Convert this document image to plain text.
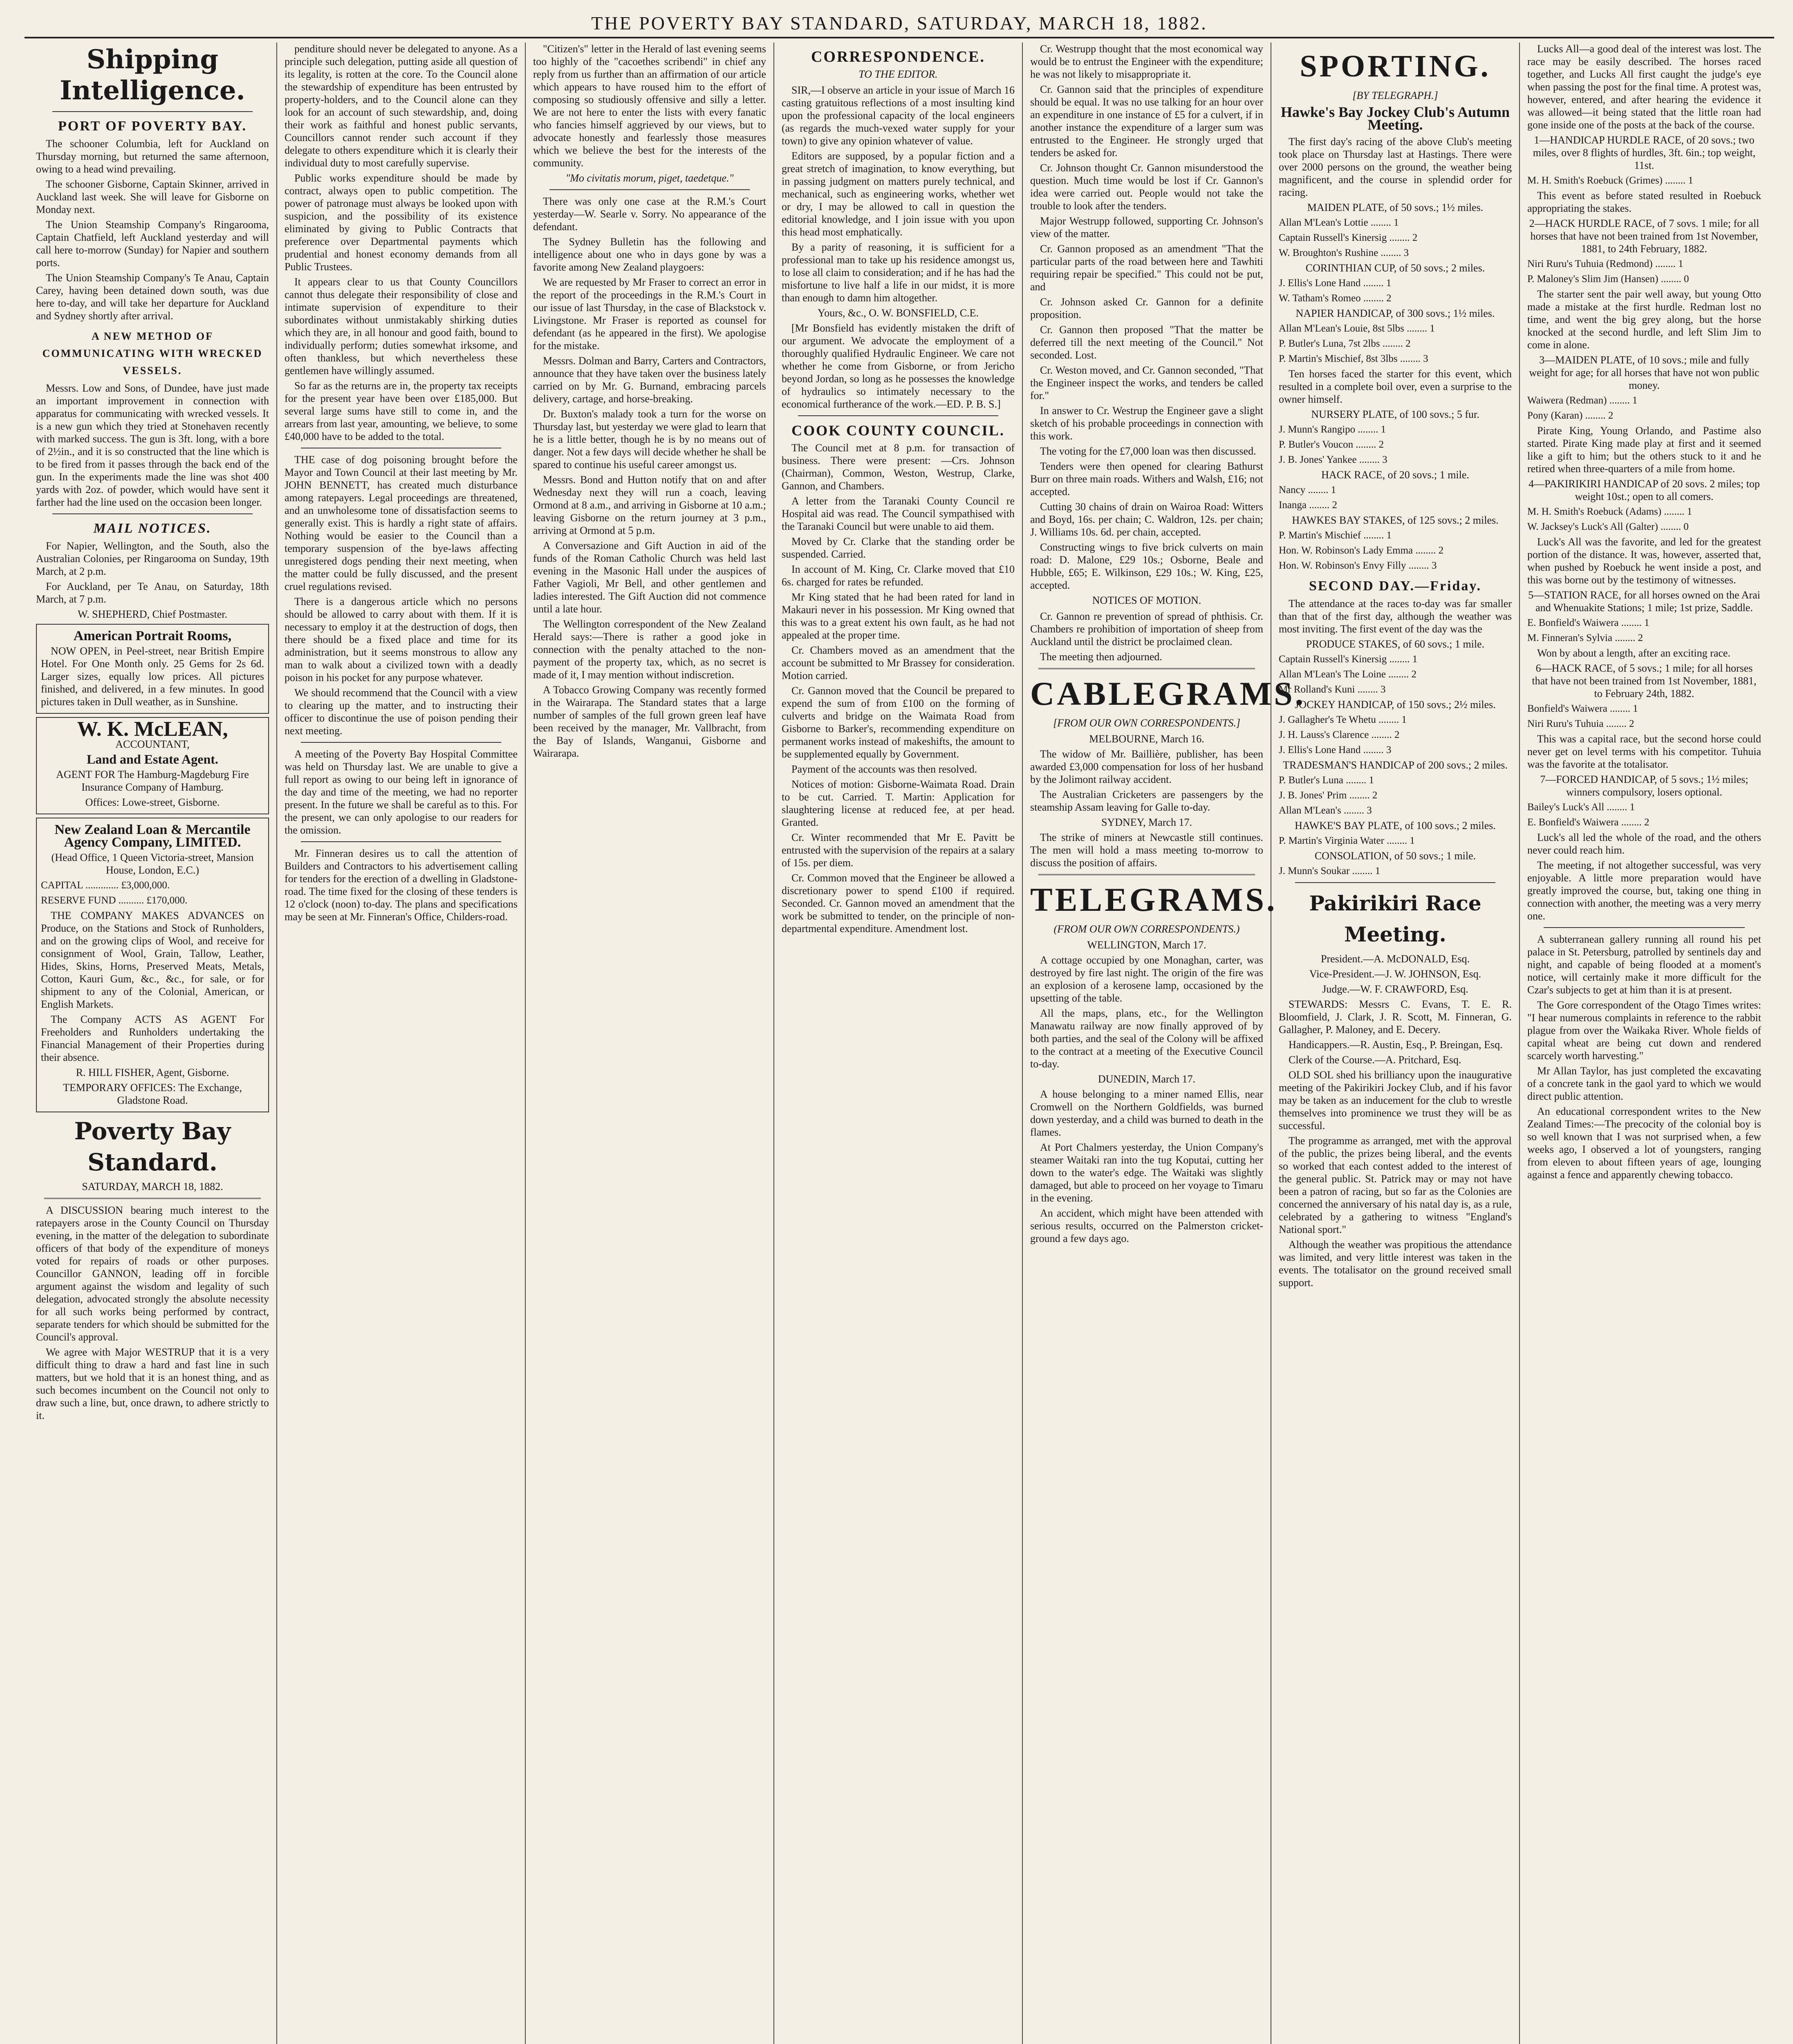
THE POVERTY BAY STANDARD, SATURDAY, MARCH 18, 1882.
Shipping Intelligence.
PORT OF POVERTY BAY.

The schooner Columbia, left for Auckland on Thursday morning, but returned the same afternoon, owing to a head wind prevailing.

The schooner Gisborne, Captain Skinner, arrived in Auckland last week. She will leave for Gisborne on Monday next.

The Union Steamship Company's Ringarooma, Captain Chatfield, left Auckland yesterday and will call here to-morrow (Sunday) for Napier and southern ports.

The Union Steamship Company's Te Anau, Captain Carey, having been detained down south, was due here to-day, and will take her departure for Auckland and Sydney shortly after arrival.

A NEW METHOD OF COMMUNICATING WITH WRECKED VESSELS.

Messrs. Low and Sons, of Dundee, have just made an important improvement in connection with apparatus for communicating with wrecked vessels. It is a new gun which they tried at Stonehaven recently with marked success. The gun is 3ft. long, with a bore of 2½in., and it is so constructed that the line which is to be fired from it passes through the back end of the gun. In the experiments made the line was shot 400 yards with 2oz. of powder, which would have sent it farther had the line used on the occasion been longer.

MAIL NOTICES.

For Napier, Wellington, and the South, also the Australian Colonies, per Ringarooma on Sunday, 19th March, at 2 p.m.

For Auckland, per Te Anau, on Saturday, 18th March, at 7 p.m.

W. SHEPHERD, Chief Postmaster.

American Portrait Rooms,

NOW OPEN, in Peel-street, near British Empire Hotel. For One Month only. 25 Gems for 2s 6d. Larger sizes, equally low prices. All pictures finished, and delivered, in a few minutes. In good pictures taken in Dull weather, as in Sunshine.

W. K. McLEAN,

ACCOUNTANT,

Land and Estate Agent.

AGENT FOR The Hamburg-Magdeburg Fire Insurance Company of Hamburg.

Offices: Lowe-street, Gisborne.

New Zealand Loan & Mercantile Agency Company, LIMITED.

(Head Office, 1 Queen Victoria-street, Mansion House, London, E.C.)

CAPITAL ............. £3,000,000.

RESERVE FUND .......... £170,000.

THE COMPANY MAKES ADVANCES on Produce, on the Stations and Stock of Runholders, and on the growing clips of Wool, and receive for consignment of Wool, Grain, Tallow, Leather, Hides, Skins, Horns, Preserved Meats, Metals, Cotton, Kauri Gum, &c., &c., for sale, or for shipment to any of the Colonial, American, or English Markets.

The Company ACTS AS AGENT For Freeholders and Runholders undertaking the Financial Management of their Properties during their absence.

R. HILL FISHER, Agent, Gisborne.

TEMPORARY OFFICES: The Exchange, Gladstone Road.

Poverty Bay Standard.
SATURDAY, MARCH 18, 1882.

A DISCUSSION bearing much interest to the ratepayers arose in the County Council on Thursday evening, in the matter of the delegation to subordinate officers of that body of the expenditure of moneys voted for repairs of roads or other purposes. Councillor GANNON, leading off in forcible argument against the wisdom and legality of such delegation, advocated strongly the absolute necessity for all such works being performed by contract, separate tenders for which should be submitted for the Council's approval.

We agree with Major WESTRUP that it is a very difficult thing to draw a hard and fast line in such matters, but we hold that it is an honest thing, and as such becomes incumbent on the Council not only to draw such a line, but, once drawn, to adhere strictly to it.

penditure should never be delegated to anyone. As a principle such delegation, putting aside all question of its legality, is rotten at the core. To the Council alone the stewardship of expenditure has been entrusted by property-holders, and to the Council alone can they look for an account of such stewardship, and, doing their work as faithful and honest public servants, Councillors cannot render such account if they delegate to others expenditure which it is clearly their individual duty to most carefully supervise.

Public works expenditure should be made by contract, always open to public competition. The power of patronage must always be looked upon with suspicion, and the possibility of its existence eliminated by giving to Public Contracts that preference over Departmental payments which prudential and honest economy demands from all Public Trustees.

It appears clear to us that County Councillors cannot thus delegate their responsibility of close and intimate supervision of expenditure to their subordinates without unmistakably shirking duties which they are, in all honour and good faith, bound to individually perform; duties somewhat irksome, and often thankless, but which nevertheless these gentlemen have willingly assumed.

So far as the returns are in, the property tax receipts for the present year have been over £185,000. But several large sums have still to come in, and the arrears from last year, amounting, we believe, to some £40,000 have to be added to the total.

THE case of dog poisoning brought before the Mayor and Town Council at their last meeting by Mr. JOHN BENNETT, has created much disturbance among ratepayers. Legal proceedings are threatened, and an unwholesome tone of dissatisfaction seems to generally exist. This is hardly a right state of affairs. Nothing would be easier to the Council than a temporary suspension of the bye-laws affecting unregistered dogs pending their next meeting, when the matter could be fully discussed, and the present cruel regulations revised.

There is a dangerous article which no persons should be allowed to carry about with them. If it is necessary to employ it at the destruction of dogs, then there should be a fixed place and time for its administration, but it seems monstrous to allow any man to walk about a civilized town with a deadly poison in his pocket for any purpose whatever.

We should recommend that the Council with a view to clearing up the matter, and to instructing their officer to discontinue the use of poison pending their next meeting.

A meeting of the Poverty Bay Hospital Committee was held on Thursday last. We are unable to give a full report as owing to our being left in ignorance of the day and time of the meeting, we had no reporter present. In the future we shall be careful as to this. For the present, we can only apologise to our readers for the omission.

Mr. Finneran desires us to call the attention of Builders and Contractors to his advertisement calling for tenders for the erection of a dwelling in Gladstone-road. The time fixed for the closing of these tenders is 12 o'clock (noon) to-day. The plans and specifications may be seen at Mr. Finneran's Office, Childers-road.

"Citizen's" letter in the Herald of last evening seems too highly of the "cacoethes scribendi" in chief any reply from us further than an affirmation of our article which appears to have roused him to the effort of composing so studiously offensive and silly a letter. We are not here to enter the lists with every fanatic who fancies himself aggrieved by our views, but to advocate honestly and fearlessly those measures which we believe the best for the interests of the community.

"Mo civitatis morum, piget, taedetque."

There was only one case at the R.M.'s Court yesterday—W. Searle v. Sorry. No appearance of the defendant.

The Sydney Bulletin has the following and intelligence about one who in days gone by was a favorite among New Zealand playgoers:

We are requested by Mr Fraser to correct an error in the report of the proceedings in the R.M.'s Court in our issue of last Thursday, in the case of Blackstock v. Livingstone. Mr Fraser is reported as counsel for defendant (as he appeared in the first). We apologise for the mistake.

Messrs. Dolman and Barry, Carters and Contractors, announce that they have taken over the business lately carried on by Mr. G. Burnand, embracing parcels delivery, cartage, and horse-breaking.

Dr. Buxton's malady took a turn for the worse on Thursday last, but yesterday we were glad to learn that he is a little better, though he is by no means out of danger. Not a few days will decide whether he shall be spared to continue his useful career amongst us.

Messrs. Bond and Hutton notify that on and after Wednesday next they will run a coach, leaving Ormond at 8 a.m., and arriving in Gisborne at 10 a.m.; leaving Gisborne on the return journey at 3 p.m., arriving at Ormond at 5 p.m.

A Conversazione and Gift Auction in aid of the funds of the Roman Catholic Church was held last evening in the Masonic Hall under the auspices of Father Vagioli, Mr Bell, and other gentlemen and ladies interested. The Gift Auction did not commence until a late hour.

The Wellington correspondent of the New Zealand Herald says:—There is rather a good joke in connection with the penalty attached to the non-payment of the property tax, which, as no secret is made of it, I may mention without indiscretion.

A Tobacco Growing Company was recently formed in the Wairarapa. The Standard states that a large number of samples of the full grown green leaf have been received by the manager, Mr. Vallbracht, from the Bay of Islands, Wanganui, Gisborne and Wairarapa.

CORRESPONDENCE.
TO THE EDITOR.

SIR,—I observe an article in your issue of March 16 casting gratuitous reflections of a most insulting kind upon the professional capacity of the local engineers (as regards the much-vexed water supply for your town) to give any opinion whatever of value.

Editors are supposed, by a popular fiction and a great stretch of imagination, to know everything, but in passing judgment on matters purely technical, and mechanical, such as engineering works, whether wet or dry, I may be allowed to call in question the editorial knowledge, and I join issue with you upon this head most emphatically.

By a parity of reasoning, it is sufficient for a professional man to take up his residence amongst us, to lose all claim to consideration; and if he has had the misfortune to live half a life in our midst, it is more than enough to damn him altogether.

Yours, &c., O. W. BONSFIELD, C.E.

[Mr Bonsfield has evidently mistaken the drift of our argument. We advocate the employment of a thoroughly qualified Hydraulic Engineer. We care not whether he come from Gisborne, or from Jericho beyond Jordan, so long as he possesses the knowledge of hydraulics so intimately necessary to the economical furtherance of the work.—ED. P. B. S.]

COOK COUNTY COUNCIL.

The Council met at 8 p.m. for transaction of business. There were present: —Crs. Johnson (Chairman), Common, Weston, Westrup, Clarke, Gannon, and Chambers.

A letter from the Taranaki County Council re Hospital aid was read. The Council sympathised with the Taranaki Council but were unable to aid them.

Moved by Cr. Clarke that the standing order be suspended. Carried.

In account of M. King, Cr. Clarke moved that £10 6s. charged for rates be refunded.

Mr King stated that he had been rated for land in Makauri never in his possession. Mr King owned that this was to a great extent his own fault, as he had not appealed at the proper time.

Cr. Chambers moved as an amendment that the account be submitted to Mr Brassey for consideration. Motion carried.

Cr. Gannon moved that the Council be prepared to expend the sum of from £100 on the forming of culverts and bridge on the Waimata Road from Gisborne to Barker's, recommending expenditure on permanent works instead of makeshifts, the amount to be supplemented equally by Government.

Payment of the accounts was then resolved.

Notices of motion: Gisborne-Waimata Road. Drain to be cut. Carried. T. Martin: Application for slaughtering license at reduced fee, at per head. Granted.

Cr. Winter recommended that Mr E. Pavitt be entrusted with the supervision of the repairs at a salary of 15s. per diem.

Cr. Common moved that the Engineer be allowed a discretionary power to spend £100 if required. Seconded. Cr. Gannon moved an amendment that the work be submitted to tender, on the principle of non-departmental expenditure. Amendment lost.

Cr. Westrupp thought that the most economical way would be to entrust the Engineer with the expenditure; he was not likely to misappropriate it.

Cr. Gannon said that the principles of expenditure should be equal. It was no use talking for an hour over an expenditure in one instance of £5 for a culvert, if in another instance the expenditure of a larger sum was entrusted to the Engineer. He strongly urged that tenders be asked for.

Cr. Johnson thought Cr. Gannon misunderstood the question. Much time would be lost if Cr. Gannon's idea were carried out. People would not take the trouble to look after the tenders.

Major Westrupp followed, supporting Cr. Johnson's view of the matter.

Cr. Gannon proposed as an amendment "That the particular parts of the road between here and Tawhiti requiring repair be specified." This could not be put, and

Cr. Johnson asked Cr. Gannon for a definite proposition.

Cr. Gannon then proposed "That the matter be deferred till the next meeting of the Council." Not seconded. Lost.

Cr. Weston moved, and Cr. Gannon seconded, "That the Engineer inspect the works, and tenders be called for."

In answer to Cr. Westrup the Engineer gave a slight sketch of his probable proceedings in connection with this work.

The voting for the £7,000 loan was then discussed.

Tenders were then opened for clearing Bathurst Burr on three main roads. Withers and Walsh, £16; not accepted.

Cutting 30 chains of drain on Wairoa Road: Witters and Boyd, 16s. per chain; C. Waldron, 12s. per chain; J. Williams 10s. 6d. per chain, accepted.

Constructing wings to five brick culverts on main road: D. Malone, £29 10s.; Osborne, Beale and Hubble, £65; E. Wilkinson, £29 10s.; W. King, £25, accepted.

NOTICES OF MOTION.

Cr. Gannon re prevention of spread of phthisis. Cr. Chambers re prohibition of importation of sheep from Auckland until the district be proclaimed clean.

The meeting then adjourned.

CABLEGRAMS.
[FROM OUR OWN CORRESPONDENTS.]

MELBOURNE, March 16.

The widow of Mr. Baillière, publisher, has been awarded £3,000 compensation for loss of her husband by the Jolimont railway accident.

The Australian Cricketers are passengers by the steamship Assam leaving for Galle to-day.

SYDNEY, March 17.

The strike of miners at Newcastle still continues. The men will hold a mass meeting to-morrow to discuss the position of affairs.

TELEGRAMS.
(FROM OUR OWN CORRESPONDENTS.)

WELLINGTON, March 17.

A cottage occupied by one Monaghan, carter, was destroyed by fire last night. The origin of the fire was an explosion of a kerosene lamp, occasioned by the upsetting of the table.

All the maps, plans, etc., for the Wellington Manawatu railway are now finally approved of by both parties, and the seal of the Colony will be affixed to the contract at a meeting of the Executive Council to-day.

DUNEDIN, March 17.

A house belonging to a miner named Ellis, near Cromwell on the Northern Goldfields, was burned down yesterday, and a child was burned to death in the flames.

At Port Chalmers yesterday, the Union Company's steamer Waitaki ran into the tug Koputai, cutting her down to the water's edge. The Waitaki was slightly damaged, but able to proceed on her voyage to Timaru in the evening.

An accident, which might have been attended with serious results, occurred on the Palmerston cricket-ground a few days ago.

SPORTING.
[BY TELEGRAPH.]
Hawke's Bay Jockey Club's Autumn Meeting.

The first day's racing of the above Club's meeting took place on Thursday last at Hastings. There were over 2000 persons on the ground, the weather being magnificent, and the course in splendid order for racing.

MAIDEN PLATE, of 50 sovs.; 1½ miles.

Allan M'Lean's Lottie ........ 1

Captain Russell's Kinersig ........ 2

W. Broughton's Rushine ........ 3

CORINTHIAN CUP, of 50 sovs.; 2 miles.

J. Ellis's Lone Hand ........ 1

W. Tatham's Romeo ........ 2

NAPIER HANDICAP, of 300 sovs.; 1½ miles.

Allan M'Lean's Louie, 8st 5lbs ........ 1

P. Butler's Luna, 7st 2lbs ........ 2

P. Martin's Mischief, 8st 3lbs ........ 3

Ten horses faced the starter for this event, which resulted in a complete boil over, even a surprise to the owner himself.

NURSERY PLATE, of 100 sovs.; 5 fur.

J. Munn's Rangipo ........ 1

P. Butler's Voucon ........ 2

J. B. Jones' Yankee ........ 3

HACK RACE, of 20 sovs.; 1 mile.

Nancy ........ 1

Inanga ........ 2

HAWKES BAY STAKES, of 125 sovs.; 2 miles.

P. Martin's Mischief ........ 1

Hon. W. Robinson's Lady Emma ........ 2

Hon. W. Robinson's Envy Filly ........ 3

SECOND DAY.—Friday.

The attendance at the races to-day was far smaller than that of the first day, although the weather was most inviting. The first event of the day was the

PRODUCE STAKES, of 60 sovs.; 1 mile.

Captain Russell's Kinersig ........ 1

Allan M'Lean's The Loine ........ 2

Mr Rolland's Kuni ........ 3

JOCKEY HANDICAP, of 150 sovs.; 2½ miles.

J. Gallagher's Te Whetu ........ 1

J. H. Lauss's Clarence ........ 2

J. Ellis's Lone Hand ........ 3

TRADESMAN'S HANDICAP of 200 sovs.; 2 miles.

P. Butler's Luna ........ 1

J. B. Jones' Prim ........ 2

Allan M'Lean's ........ 3

HAWKE'S BAY PLATE, of 100 sovs.; 2 miles.

P. Martin's Virginia Water ........ 1

CONSOLATION, of 50 sovs.; 1 mile.

J. Munn's Soukar ........ 1

Pakirikiri Race Meeting.

President.—A. McDONALD, Esq.

Vice-President.—J. W. JOHNSON, Esq.

Judge.—W. F. CRAWFORD, Esq.

STEWARDS: Messrs C. Evans, T. E. R. Bloomfield, J. Clark, J. R. Scott, M. Finneran, G. Gallagher, P. Maloney, and E. Decery.

Handicappers.—R. Austin, Esq., P. Breingan, Esq.

Clerk of the Course.—A. Pritchard, Esq.

OLD SOL shed his brilliancy upon the inaugurative meeting of the Pakirikiri Jockey Club, and if his favor may be taken as an inducement for the club to wrestle themselves into prominence we trust they will be as successful.

The programme as arranged, met with the approval of the public, the prizes being liberal, and the events so worked that each contest added to the interest of the general public. St. Patrick may or may not have been a patron of racing, but so far as the Colonies are concerned the anniversary of his natal day is, as a rule, celebrated by a gathering to witness "England's National sport."

Although the weather was propitious the attendance was limited, and very little interest was taken in the events. The totalisator on the ground received small support.

Lucks All—a good deal of the interest was lost. The race may be easily described. The horses raced together, and Lucks All first caught the judge's eye when passing the post for the final time. A protest was, however, entered, and after hearing the evidence it was allowed—it being stated that the little roan had gone inside one of the posts at the back of the course.

1—HANDICAP HURDLE RACE, of 20 sovs.; two miles, over 8 flights of hurdles, 3ft. 6in.; top weight, 11st.

M. H. Smith's Roebuck (Grimes) ........ 1

This event as before stated resulted in Roebuck appropriating the stakes.

2—HACK HURDLE RACE, of 7 sovs. 1 mile; for all horses that have not been trained from 1st November, 1881, to 24th February, 1882.

Niri Ruru's Tuhuia (Redmond) ........ 1

P. Maloney's Slim Jim (Hansen) ........ 0

The starter sent the pair well away, but young Otto made a mistake at the first hurdle. Redman lost no time, and went the big grey along, but the horse knocked at the second hurdle, and left Slim Jim to come in alone.

3—MAIDEN PLATE, of 10 sovs.; mile and fully weight for age; for all horses that have not won public money.

Waiwera (Redman) ........ 1

Pony (Karan) ........ 2

Pirate King, Young Orlando, and Pastime also started. Pirate King made play at first and it seemed like a gift to him; but the others stuck to it and he retired when three-quarters of a mile from home.

4—PAKIRIKIRI HANDICAP of 20 sovs. 2 miles; top weight 10st.; open to all comers.

M. H. Smith's Roebuck (Adams) ........ 1

W. Jacksey's Luck's All (Galter) ........ 0

Luck's All was the favorite, and led for the greatest portion of the distance. It was, however, asserted that, when pushed by Roebuck he went inside a post, and this was borne out by the testimony of witnesses.

5—STATION RACE, for all horses owned on the Arai and Whenuakite Stations; 1 mile; 1st prize, Saddle.

E. Bonfield's Waiwera ........ 1

M. Finneran's Sylvia ........ 2

Won by about a length, after an exciting race.

6—HACK RACE, of 5 sovs.; 1 mile; for all horses that have not been trained from 1st November, 1881, to February 24th, 1882.

Bonfield's Waiwera ........ 1

Niri Ruru's Tuhuia ........ 2

This was a capital race, but the second horse could never get on level terms with his competitor. Tuhuia was the favorite at the totalisator.

7—FORCED HANDICAP, of 5 sovs.; 1½ miles; winners compulsory, losers optional.

Bailey's Luck's All ........ 1

E. Bonfield's Waiwera ........ 2

Luck's all led the whole of the road, and the others never could reach him.

The meeting, if not altogether successful, was very enjoyable. A little more preparation would have greatly improved the course, but, taking one thing in connection with another, the meeting was a very merry one.

A subterranean gallery running all round his pet palace in St. Petersburg, patrolled by sentinels day and night, and capable of being flooded at a moment's notice, will certainly make it more difficult for the Czar's subjects to get at him than it is at present.

The Gore correspondent of the Otago Times writes: "I hear numerous complaints in reference to the rabbit plague from over the Waikaka River. Whole fields of capital wheat are being cut down and rendered scarcely worth harvesting."

Mr Allan Taylor, has just completed the excavating of a concrete tank in the gaol yard to which we would direct public attention.

An educational correspondent writes to the New Zealand Times:—The precocity of the colonial boy is so well known that I was not surprised when, a few weeks ago, I observed a lot of youngsters, ranging from eleven to about fifteen years of age, lounging against a fence and apparently chewing tobacco.
